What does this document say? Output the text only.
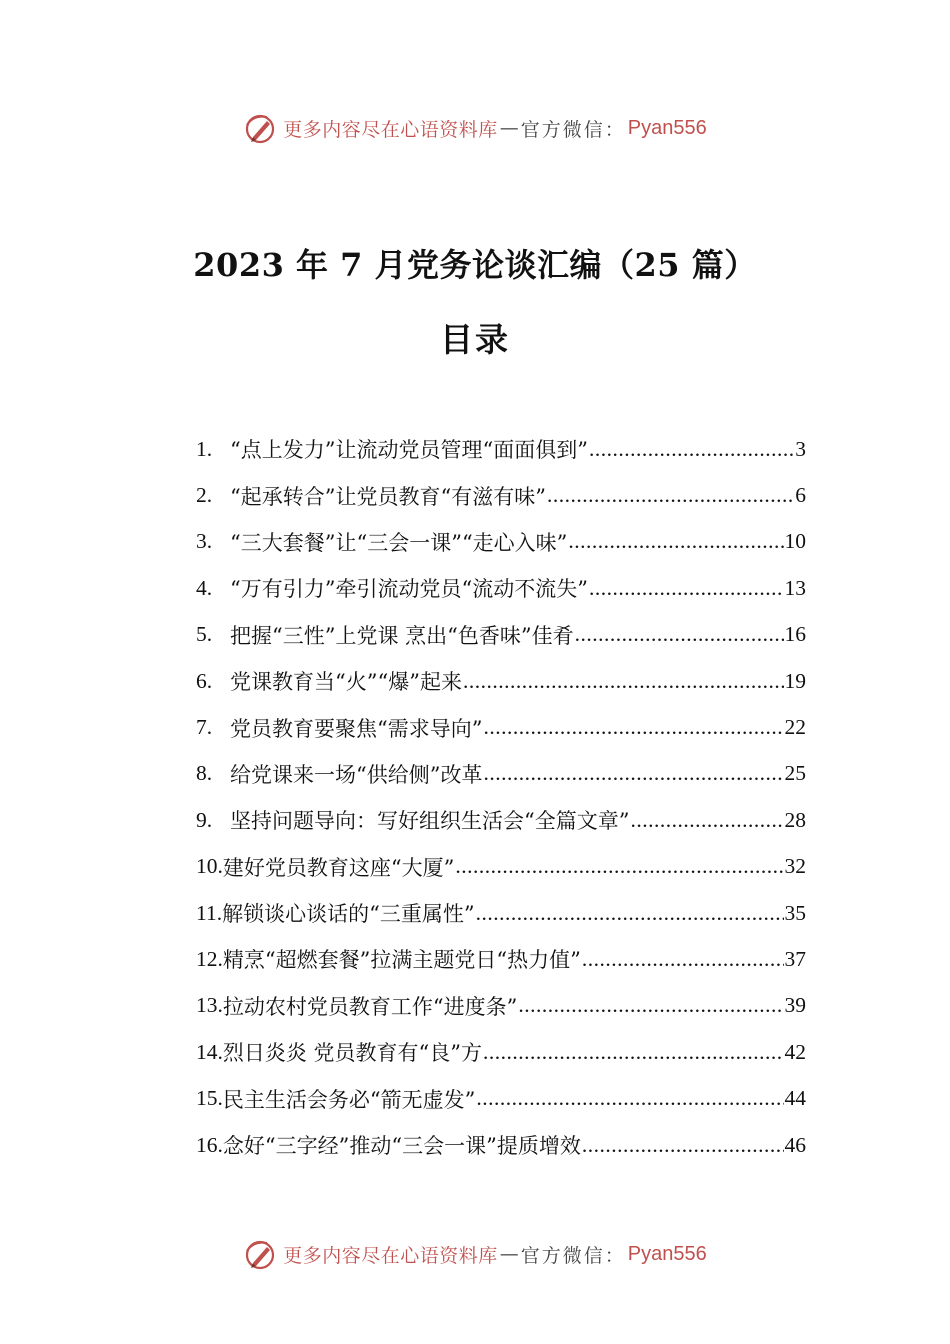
更多内容尽在心语资料库 — 官方微信： Pyan556
2023 年 7 月党务论谈汇编（25 篇）
目录
1. “点上发力”让流动党员管理“面面俱到” .....	3
2. “起承转合”让党员教育“有滋有味” .....	6
3. “三大套餐”让“三会一课”“走心入味” .....	10
4. “万有引力”牵引流动党员“流动不流失” .....	13
5. 把握“三性”上党课 烹出“色香味”佳肴 .....	16
6. 党课教育当“火”“爆”起来 .....	19
7. 党员教育要聚焦“需求导向” .....	22
8. 给党课来一场“供给侧”改革 .....	25
9. 坚持问题导向：写好组织生活会“全篇文章” .....	28
10. 建好党员教育这座“大厦” .....	32
11. 解锁谈心谈话的“三重属性” .....	35
12. 精烹“超燃套餐”拉满主题党日“热力值” .....	37
13. 拉动农村党员教育工作“进度条” .....	39
14. 烈日炎炎 党员教育有“良”方 .....	42
15. 民主生活会务必“箭无虚发” .....	44
16. 念好“三字经”推动“三会一课”提质增效 .....	46
更多内容尽在心语资料库 — 官方微信： Pyan556
